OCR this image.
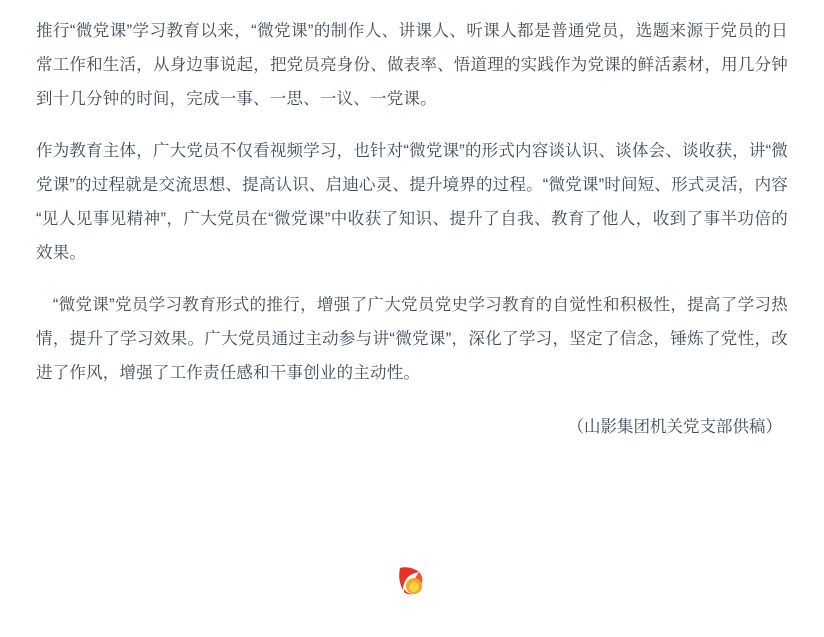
推行“微党课”学习教育以来，“微党课”的制作人、讲课人、听课人都是普通党员，选题来源于党员的日常工作和生活，从身边事说起，把党员亮身份、做表率、悟道理的实践作为党课的鲜活素材，用几分钟到十几分钟的时间，完成一事、一思、一议、一党课。

作为教育主体，广大党员不仅看视频学习，也针对“微党课”的形式内容谈认识、谈体会、谈收获，讲“微党课”的过程就是交流思想、提高认识、启迪心灵、提升境界的过程。“微党课”时间短、形式灵活，内容“见人见事见精神”，广大党员在“微党课”中收获了知识、提升了自我、教育了他人，收到了事半功倍的效果。

　“微党课”党员学习教育形式的推行，增强了广大党员党史学习教育的自觉性和积极性，提高了学习热情，提升了学习效果。广大党员通过主动参与讲“微党课”，深化了学习，坚定了信念，锤炼了党性，改进了作风，增强了工作责任感和干事创业的主动性。

（山影集团机关党支部供稿）
